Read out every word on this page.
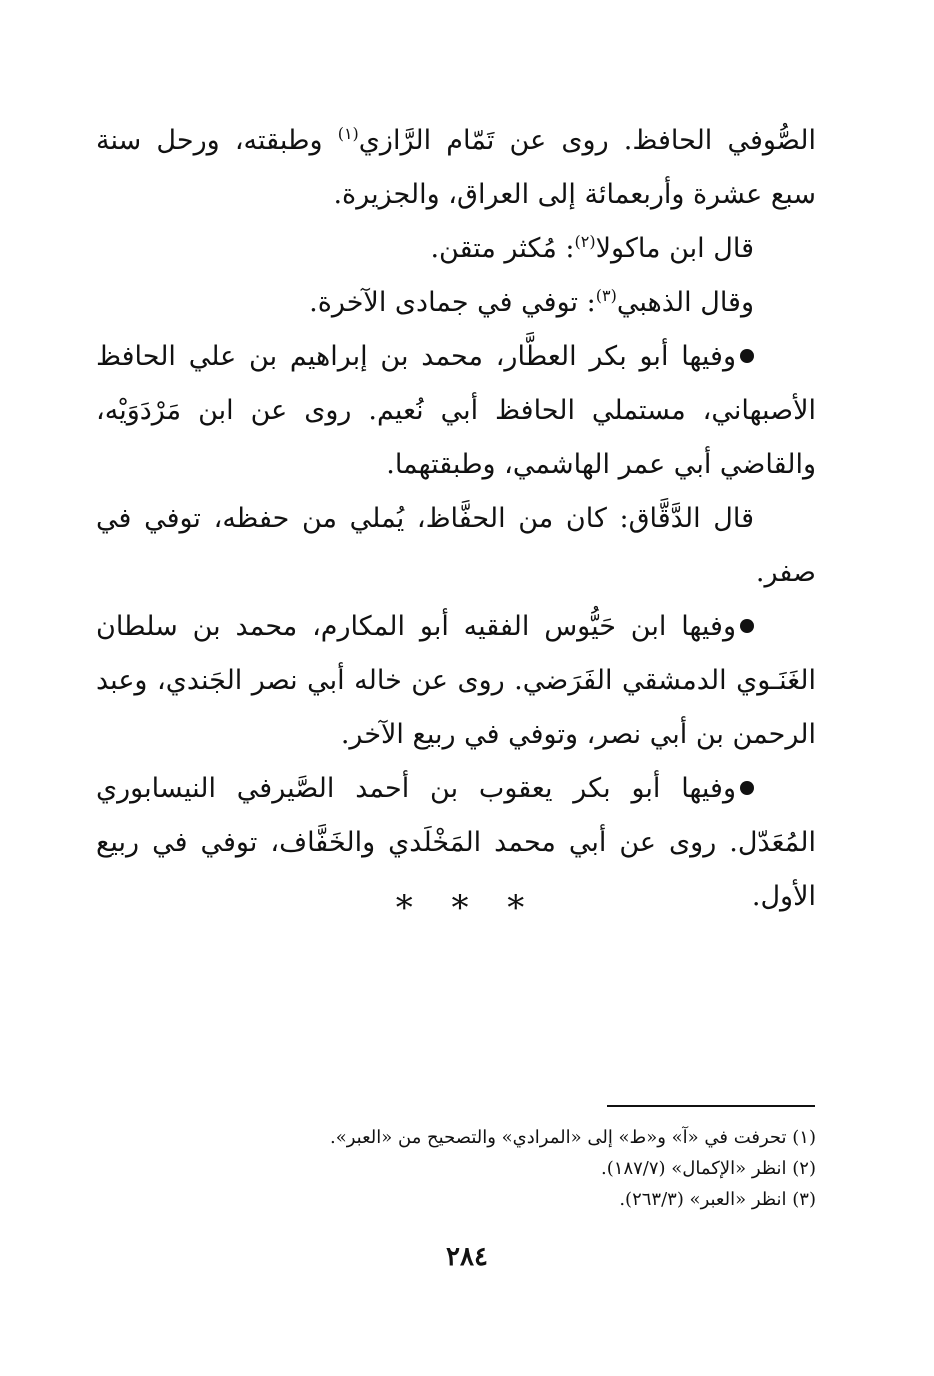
الصُّوفي الحافظ. روى عن تَمّام الرَّازي$^{(١)}$ وطبقته، ورحل سنة سبع عشرة وأربعمائة إلى العراق، والجزيرة.

قال ابن ماكولا$^{(٢)}$: مُكثر متقن.

وقال الذهبي$^{(٣)}$: توفي في جمادى الآخرة.

وفيها أبو بكر العطَّار، محمد بن إبراهيم بن علي الحافظ الأصبهاني، مستملي الحافظ أبي نُعيم. روى عن ابن مَرْدَوَيْه، والقاضي أبي عمر الهاشمي، وطبقتهما.

قال الدَّقَّاق: كان من الحفَّاظ، يُملي من حفظه، توفي في صفر.

وفيها ابن حَيُّوس الفقيه أبو المكارم، محمد بن سلطان الغَنَـوي الدمشقي الفَرَضي. روى عن خاله أبي نصر الجَندي، وعبد الرحمن بن أبي نصر، وتوفي في ربيع الآخر.

وفيها أبو بكر يعقوب بن أحمد الصَّيرفي النيسابوري المُعَدّل. روى عن أبي محمد المَخْلَدي والخَفَّاف، توفي في ربيع الأول.

* * *

(١) تحرفت في «آ» و«ط» إلى «المرادي» والتصحيح من «العبر».

(٢) انظر «الإكمال» (١٨٧/٧).

(٣) انظر «العبر» (٢٦٣/٣).

٢٨٤
